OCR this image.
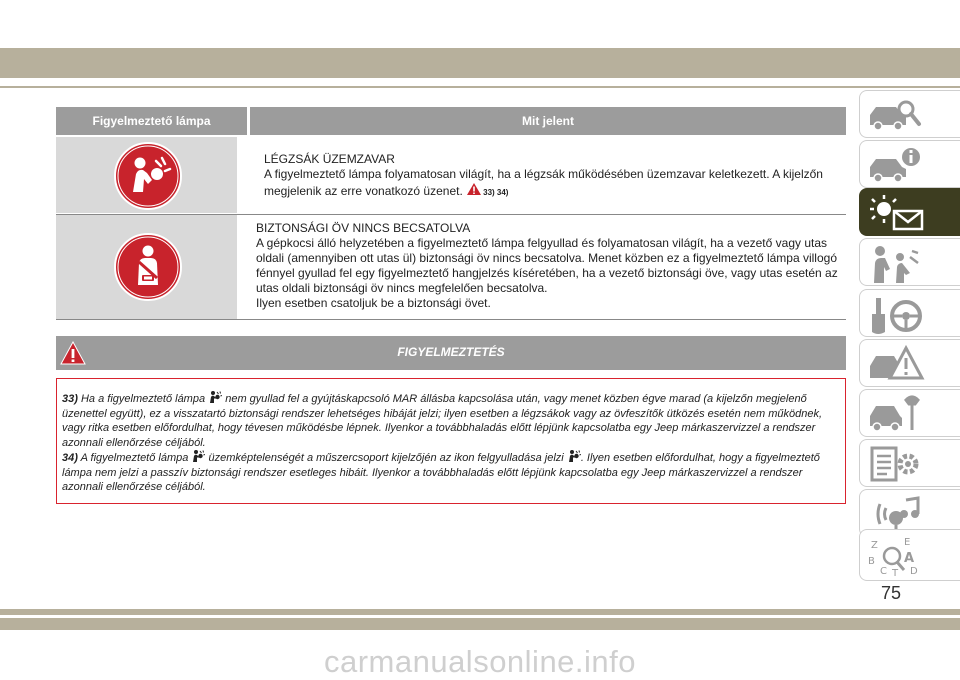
Figyelmeztető lámpa	Mit jelent
LÉGZSÁK ÜZEMZAVAR
A figyelmeztető lámpa folyamatosan világít, ha a légzsák működésében üzemzavar keletkezett. A kijelzőn megjelenik az erre vonatkozó üzenet.	33) 34)
BIZTONSÁGI ÖV NINCS BECSATOLVA
A gépkocsi álló helyzetében a figyelmeztető lámpa felgyullad és folyamatosan világít, ha a vezető vagy utas oldali (amennyiben ott utas ül) biztonsági öv nincs becsatolva. Menet közben ez a figyelmeztető lámpa villogó fénnyel gyullad fel egy figyelmeztető hangjelzés kíséretében, ha a vezető biztonsági öve, vagy utas esetén az utas oldali biztonsági öv nincs megfelelően becsatolva.
Ilyen esetben csatoljuk be a biztonsági övet.
FIGYELMEZTETÉS
33) Ha a figyelmeztető lámpa nem gyullad fel a gyújtáskapcsoló MAR állásba kapcsolása után, vagy menet közben égve marad (a kijelzőn megjelenő üzenettel együtt), ez a visszatartó biztonsági rendszer lehetséges hibáját jelzi; ilyen esetben a légzsákok vagy az övfeszítők ütközés esetén nem működnek, vagy ritka esetben előfordulhat, hogy tévesen működésbe lépnek. Ilyenkor a továbbhaladás előtt lépjünk kapcsolatba egy Jeep márkaszervizzel a rendszer azonnali ellenőrzése céljából.
34) A figyelmeztető lámpa üzemképtelenségét a műszercsoport kijelzőjén az ikon felgyulladása jelzi . Ilyen esetben előfordulhat, hogy a figyelmeztető lámpa nem jelzi a passzív biztonsági rendszer esetleges hibáit. Ilyenkor a továbbhaladás előtt lépjünk kapcsolatba egy Jeep márkaszervizzel a rendszer azonnali ellenőrzése céljából.
Z	E
B A
C T D
75
carmanualsonline.info
